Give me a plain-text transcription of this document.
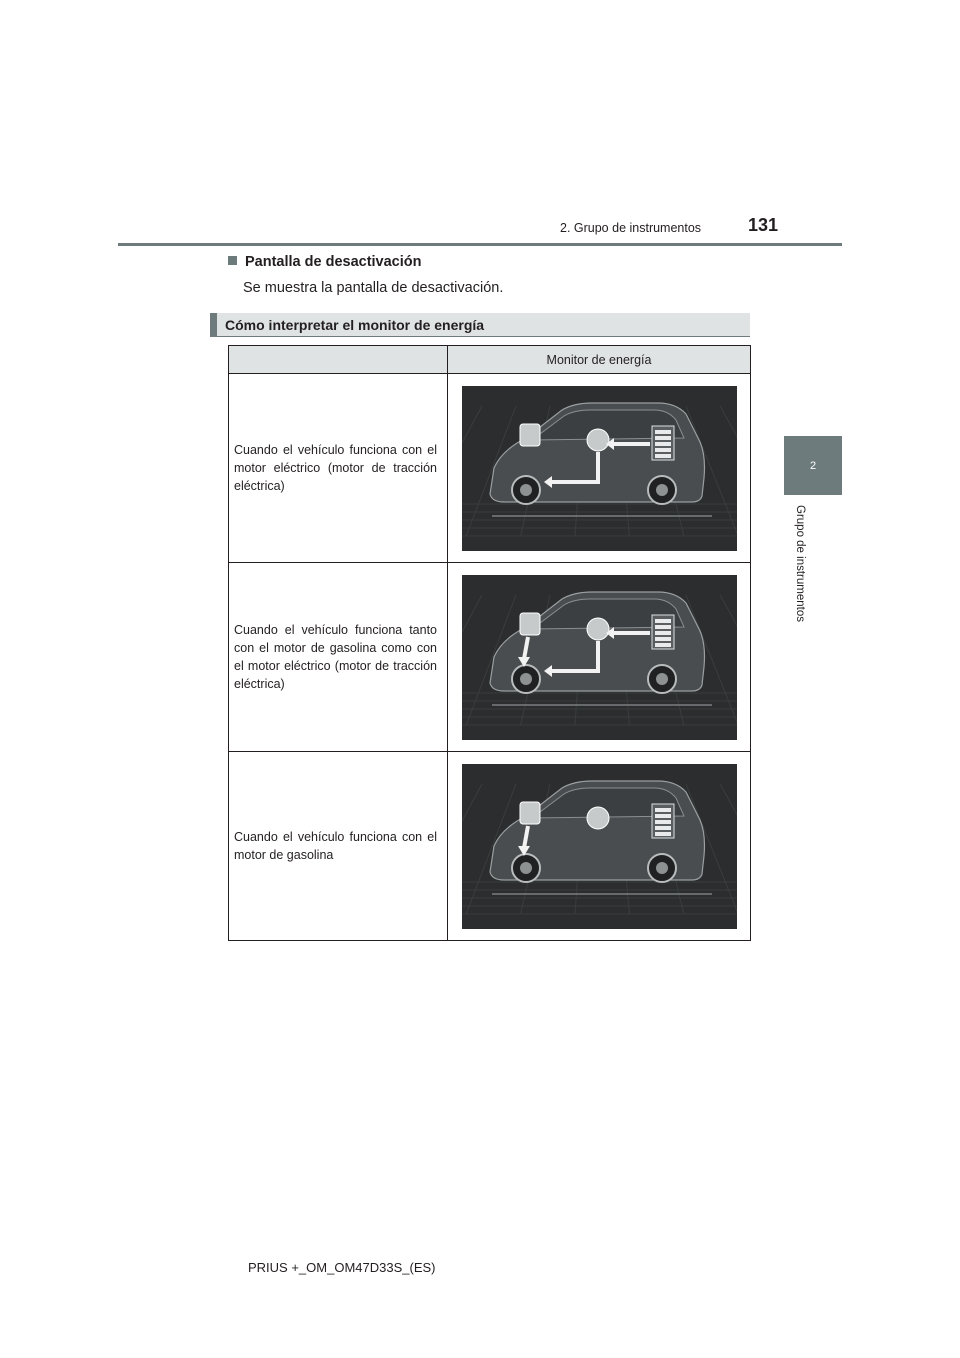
2. Grupo de instrumentos	131
2
Grupo de instrumentos
Pantalla de desactivación
Se muestra la pantalla de desactivación.
Cómo interpretar el monitor de energía
	Monitor de energía
Cuando el vehículo funciona con el motor eléctrico (motor de tracción eléctrica)	

Cuando el vehículo funciona tanto con el motor de gasolina como con el motor eléctrico (motor de tracción eléctrica)	

Cuando el vehículo funciona con el motor de gasolina	
PRIUS +_OM_OM47D33S_(ES)
